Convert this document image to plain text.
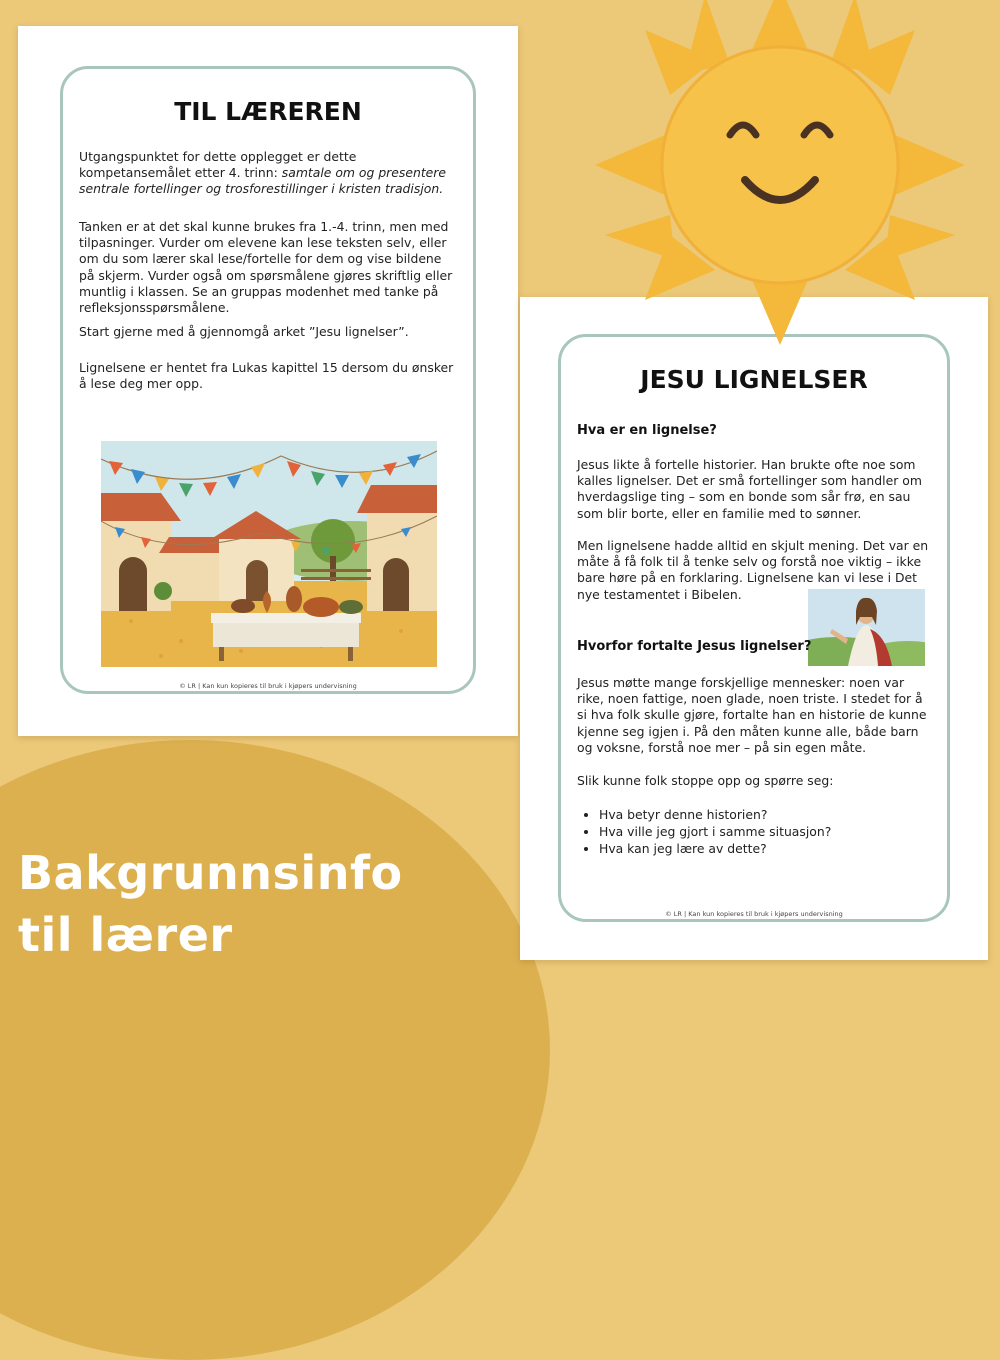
TIL LÆREREN

Utgangspunktet for dette opplegget er dette kompetansemålet etter 4. trinn: samtale om og presentere sentrale fortellinger og trosforestillinger i kristen tradisjon.

Tanken er at det skal kunne brukes fra 1.-4. trinn, men med tilpasninger. Vurder om elevene kan lese teksten selv, eller om du som lærer skal lese/fortelle for dem og vise bildene på skjerm. Vurder også om spørsmålene gjøres skriftlig eller muntlig i klassen. Se an gruppas modenhet med tanke på refleksjonsspørsmålene.

Start gjerne med å gjennomgå arket ”Jesu lignelser”.

Lignelsene er hentet fra Lukas kapittel 15 dersom du ønsker å lese deg mer opp.

© LR | Kan kun kopieres til bruk i kjøpers undervisning
JESU LIGNELSER
Hva er en lignelse?

Jesus likte å fortelle historier. Han brukte ofte noe som kalles lignelser. Det er små fortellinger som handler om hverdagslige ting – som en bonde som sår frø, en sau som blir borte, eller en familie med to sønner.

Men lignelsene hadde alltid en skjult mening. Det var en måte å få folk til å tenke selv og forstå noe viktig – ikke bare høre på en forklaring. Lignelsene kan vi lese i Det nye testamentet i Bibelen.

Hvorfor fortalte Jesus lignelser?

Jesus møtte mange forskjellige mennesker: noen var rike, noen fattige, noen glade, noen triste. I stedet for å si hva folk skulle gjøre, fortalte han en historie de kunne kjenne seg igjen i. På den måten kunne alle, både barn og voksne, forstå noe mer – på sin egen måte.

Slik kunne folk stoppe opp og spørre seg:

• Hva betyr denne historien?
• Hva ville jeg gjort i samme situasjon?
• Hva kan jeg lære av dette?
© LR | Kan kun kopieres til bruk i kjøpers undervisning
Bakgrunnsinfo
til lærer
